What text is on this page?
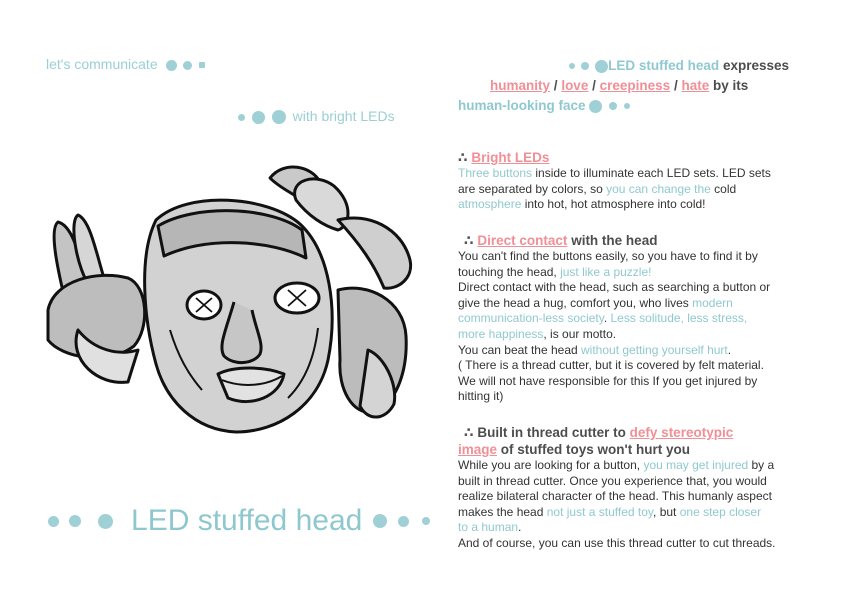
let's communicate
with bright LEDs
LED stuffed head
LED stuffed head expresses
humanity / love / creepiness / hate by its
human-looking face

∴ Bright LEDs

Three buttons inside to illuminate each LED sets. LED sets

are separated by colors, so you can change the cold

atmosphere into hot, hot atmosphere into cold!

∴ Direct contact with the head

You can't find the buttons easily, so you have to find it by

touching the head, just like a puzzle!

Direct contact with the head, such as searching a button or

give the head a hug, comfort you, who lives modern

communication-less society. Less solitude, less stress,

more happiness, is our motto.

You can beat the head without getting yourself hurt.

( There is a thread cutter, but it is covered by felt material.

We will not have responsible for this If you get injured by

hitting it)

∴ Built in thread cutter to defy stereotypic

image of stuffed toys won't hurt you

While you are looking for a button, you may get injured by a

built in thread cutter. Once you experience that, you would

realize bilateral character of the head. This humanly aspect

makes the head not just a stuffed toy, but one step closer

to a human.

And of course, you can use this thread cutter to cut threads.
